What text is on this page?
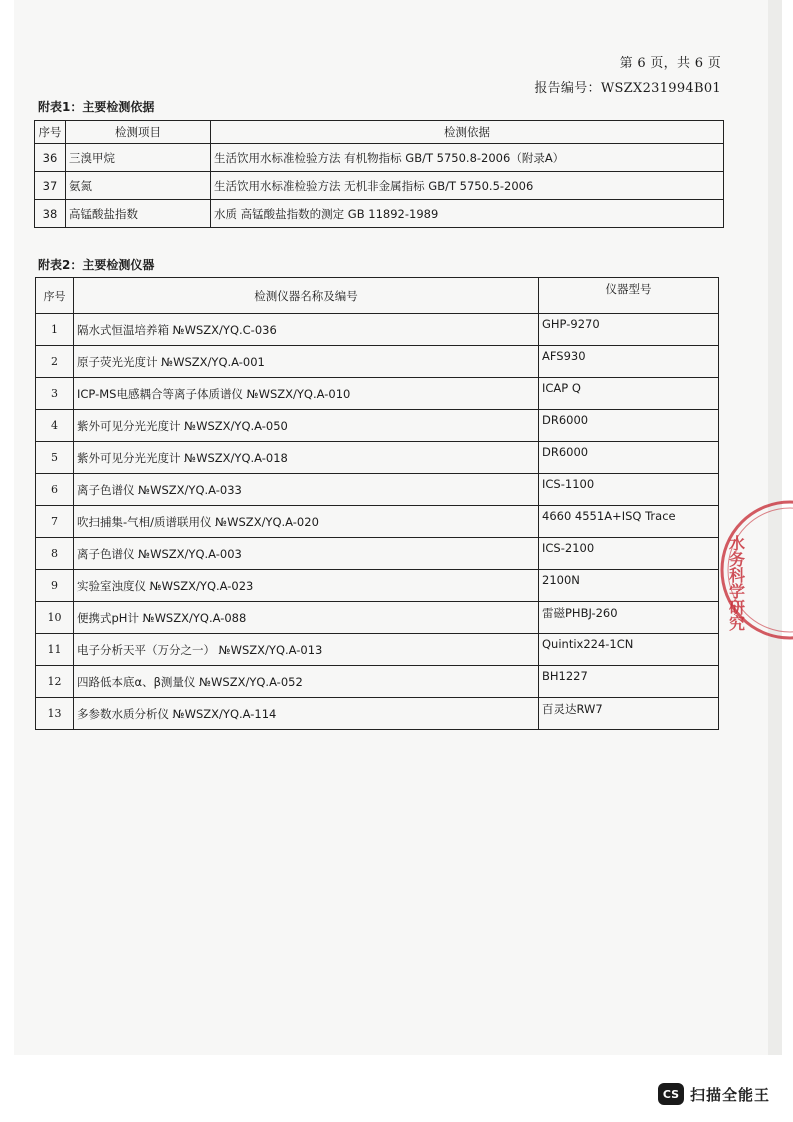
第 6 页，共 6 页
报告编号：WSZX231994B01
附表1：主要检测依据
序号	检测项目	检测依据
36	三溴甲烷	生活饮用水标准检验方法 有机物指标 GB/T 5750.8-2006（附录A）
37	氨氮	生活饮用水标准检验方法 无机非金属指标 GB/T 5750.5-2006
38	高锰酸盐指数	水质 高锰酸盐指数的测定 GB 11892-1989
附表2：主要检测仪器
序号	检测仪器名称及编号	仪器型号
1	隔水式恒温培养箱 №WSZX/YQ.C-036	GHP-9270
2	原子荧光光度计 №WSZX/YQ.A-001	AFS930
3	ICP-MS电感耦合等离子体质谱仪 №WSZX/YQ.A-010	ICAP Q
4	紫外可见分光光度计 №WSZX/YQ.A-050	DR6000
5	紫外可见分光光度计 №WSZX/YQ.A-018	DR6000
6	离子色谱仪 №WSZX/YQ.A-033	ICS-1100
7	吹扫捕集-气相/质谱联用仪 №WSZX/YQ.A-020	4660 4551A+ISQ Trace
8	离子色谱仪 №WSZX/YQ.A-003	ICS-2100
9	实验室浊度仪 №WSZX/YQ.A-023	2100N
10	便携式pH计 №WSZX/YQ.A-088	雷磁PHBJ-260
11	电子分析天平（万分之一） №WSZX/YQ.A-013	Quintix224-1CN
12	四路低本底α、β测量仪 №WSZX/YQ.A-052	BH1227
13	多参数水质分析仪 №WSZX/YQ.A-114	百灵达RW7
水务科学研究
CS 扫描全能王
